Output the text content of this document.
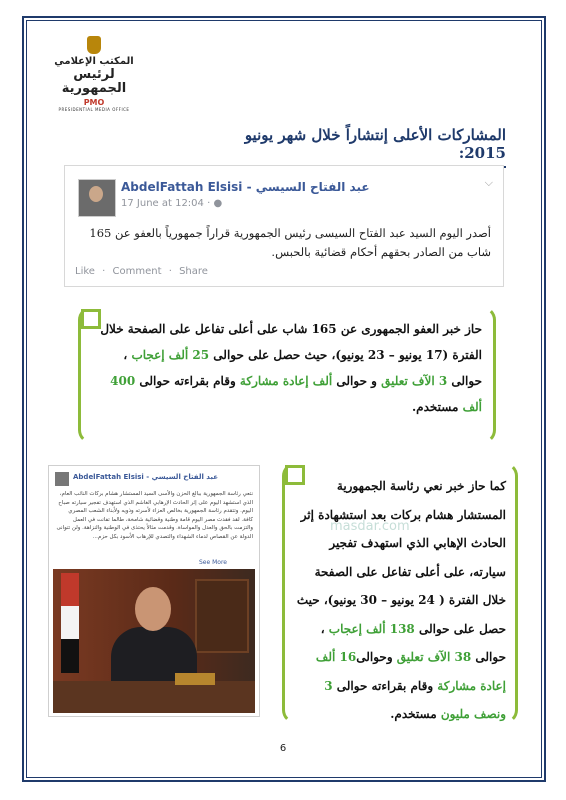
المكتب الإعلامي
لرئيس الجمهورية
PMO
PRESIDENTIAL MEDIA OFFICE
المشاركات الأعلى إنتشاراً خلال شهر يونيو 2015:
AbdelFattah Elsisi - عبد الفتاح السيسي
17 June at 12:04 · ●
⌵
أصدر اليوم السيد عبد الفتاح السيسى رئيس الجمهورية قراراً جمهورياً بالعفو عن 165 شاب من الصادر بحقهم أحكام قضائية بالحبس.
Like · Comment · Share
حاز خبر العفو الجمهورى عن 165 شاب على أعلى تفاعل على الصفحة خلال الفترة (17 يونيو – 23 يونيو)، حيث حصل على حوالى 25 ألف إعجاب ، حوالى 3 الآف تعليق و حوالى ألف إعادة مشاركة وقام بقراءته حوالى 400 ألف مستخدم.
AbdelFattah Elsisi - عبد الفتاح السيسي
نتعي رئاسة الجمهورية ببالغ الحزن والأسى السيد المستشار هشام بركات النائب العام، الذي استشهد اليوم على إثر الحادث الإرهابي الغاشم الذي استهدف تفجير سيارته صباح اليوم. وتتقدم رئاسة الجمهورية بخالص العزاء لأسرته وذويه ولأبناء الشعب المصري كافة. لقد فقدت مصر اليوم قامة وطنية وقضائية شامخة، طالما تفانت في العمل والتزمت بالحق والعدل والمواساة. وقدمت مثالاً يحتذى في الوطنية والنزاهة. ولن تتوانى الدولة عن القصاص لدماء الشهداء والتصدي للإرهاب الأسود بكل حزم...
See More
masdar.com
كما حاز خبر نعي رئاسة الجمهورية المستشار هشام بركات بعد استشهادة إثر الحادث الإهابي الذي استهدف تفجير سيارته، على أعلى تفاعل على الصفحة خلال الفترة ( 24 يونيو – 30 يونيو)، حيث حصل على حوالى 138 ألف إعجاب ، حوالى 38 الآف تعليق وحوالى16 ألف إعادة مشاركة وقام بقراءته حوالى 3 ونصف مليون مستخدم.
6
